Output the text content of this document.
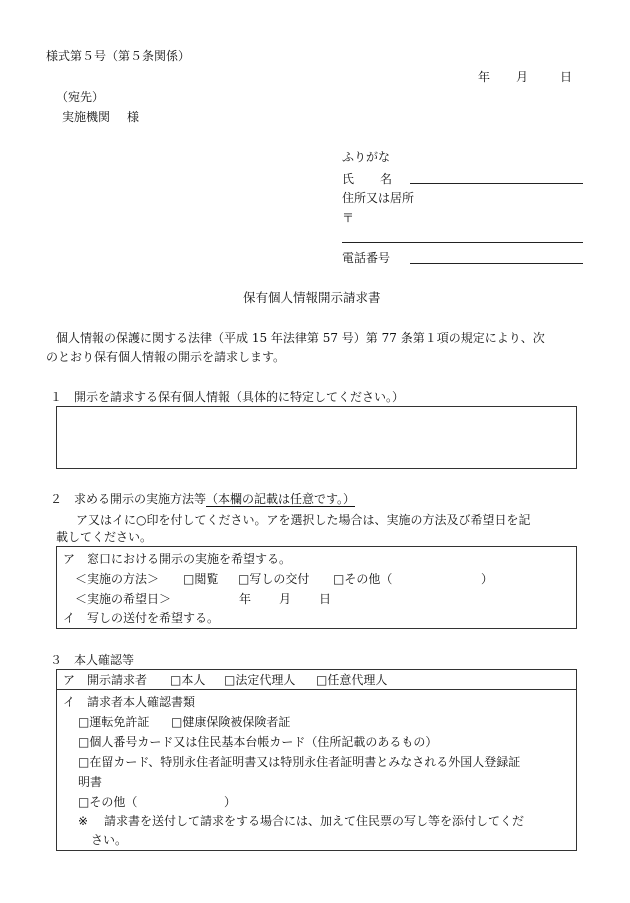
様式第５号（第５条関係）
年 月	日
（宛先）
実施機関 様
ふりがな
氏 名
住所又は居所
〒
電話番号
保有個人情報開示請求書
個人情報の保護に関する法律（平成 15 年法律第 57 号）第 77 条第１項の規定により、次
のとおり保有個人情報の開示を請求します。
１　開示を請求する保有個人情報（具体的に特定してください。）
２　求める開示の実施方法等（本欄の記載は任意です。）
ア又はイに○印を付してください。アを選択した場合は、実施の方法及び希望日を記
載してください。
ア　窓口における開示の実施を希望する。
＜実施の方法＞ □閲覧 □写しの交付 □その他（	）
＜実施の希望日＞	年 月 日
イ　写しの送付を希望する。
３　本人確認等
ア　開示請求者 □本人 □法定代理人 □任意代理人
イ　請求者本人確認書類
□運転免許証 □健康保険被保険者証
□個人番号カード又は住民基本台帳カード（住所記載のあるもの）
□在留カード、特別永住者証明書又は特別永住者証明書とみなされる外国人登録証
明書
□その他（	）
※ 請求書を送付して請求をする場合には、加えて住民票の写し等を添付してくだ
さい。
